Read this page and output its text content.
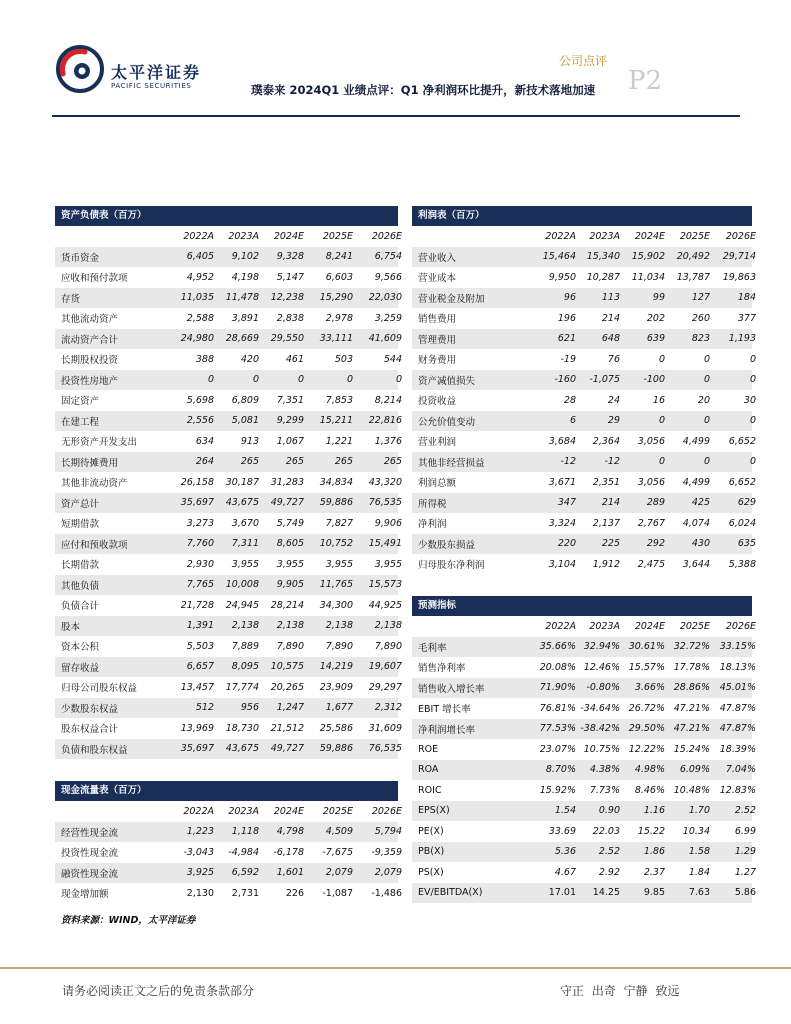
太平洋证券
PACIFIC SECURITIES
公司点评
P2
璞泰来 2024Q1 业绩点评：Q1 净利润环比提升，新技术落地加速
资产负债表（百万）
2022A	2023A	2024E	2025E	2026E
货币资金	6,405	9,102	9,328	8,241	6,754
应收和预付款项	4,952	4,198	5,147	6,603	9,566
存货	11,035	11,478	12,238	15,290	22,030
其他流动资产	2,588	3,891	2,838	2,978	3,259
流动资产合计	24,980	28,669	29,550	33,111	41,609
长期股权投资	388	420	461	503	544
投资性房地产	0	0	0	0	0
固定资产	5,698	6,809	7,351	7,853	8,214
在建工程	2,556	5,081	9,299	15,211	22,816
无形资产开发支出	634	913	1,067	1,221	1,376
长期待摊费用	264	265	265	265	265
其他非流动资产	26,158	30,187	31,283	34,834	43,320
资产总计	35,697	43,675	49,727	59,886	76,535
短期借款	3,273	3,670	5,749	7,827	9,906
应付和预收款项	7,760	7,311	8,605	10,752	15,491
长期借款	2,930	3,955	3,955	3,955	3,955
其他负债	7,765	10,008	9,905	11,765	15,573
负债合计	21,728	24,945	28,214	34,300	44,925
股本	1,391	2,138	2,138	2,138	2,138
资本公积	5,503	7,889	7,890	7,890	7,890
留存收益	6,657	8,095	10,575	14,219	19,607
归母公司股东权益	13,457	17,774	20,265	23,909	29,297
少数股东权益	512	956	1,247	1,677	2,312
股东权益合计	13,969	18,730	21,512	25,586	31,609
负债和股东权益	35,697	43,675	49,727	59,886	76,535
现金流量表（百万）
2022A	2023A	2024E	2025E	2026E
经营性现金流	1,223	1,118	4,798	4,509	5,794
投资性现金流	-3,043	-4,984	-6,178	-7,675	-9,359
融资性现金流	3,925	6,592	1,601	2,079	2,079
现金增加额	2,130	2,731	226	-1,087	-1,486
利润表（百万）
2022A	2023A	2024E	2025E	2026E
营业收入	15,464	15,340	15,902	20,492	29,714
营业成本	9,950	10,287	11,034	13,787	19,863
营业税金及附加	96	113	99	127	184
销售费用	196	214	202	260	377
管理费用	621	648	639	823	1,193
财务费用	-19	76	0	0	0
资产减值损失	-160	-1,075	-100	0	0
投资收益	28	24	16	20	30
公允价值变动	6	29	0	0	0
营业利润	3,684	2,364	3,056	4,499	6,652
其他非经营损益	-12	-12	0	0	0
利润总额	3,671	2,351	3,056	4,499	6,652
所得税	347	214	289	425	629
净利润	3,324	2,137	2,767	4,074	6,024
少数股东损益	220	225	292	430	635
归母股东净利润	3,104	1,912	2,475	3,644	5,388
预测指标
2022A	2023A	2024E	2025E	2026E
毛利率	35.66% 32.94% 30.61% 32.72%	33.15%
销售净利率	20.08% 12.46% 15.57% 17.78%	18.13%
销售收入增长率	71.90%	-0.80%	3.66% 28.86%	45.01%
EBIT 增长率	76.81% -34.64% 26.72% 47.21%	47.87%
净利润增长率	77.53% -38.42% 29.50% 47.21%	47.87%
ROE	23.07% 10.75% 12.22% 15.24%	18.39%
ROA	8.70%	4.38%	4.98%	6.09%	7.04%
ROIC	15.92%	7.73%	8.46% 10.48%	12.83%
EPS(X)	1.54	0.90	1.16	1.70	2.52
PE(X)	33.69	22.03	15.22	10.34	6.99
PB(X)	5.36	2.52	1.86	1.58	1.29
PS(X)	4.67	2.92	2.37	1.84	1.27
EV/EBITDA(X)	17.01	14.25	9.85	7.63	5.86
资料来源：WIND，太平洋证券
请务必阅读正文之后的免责条款部分	守正 出奇 宁静 致远
